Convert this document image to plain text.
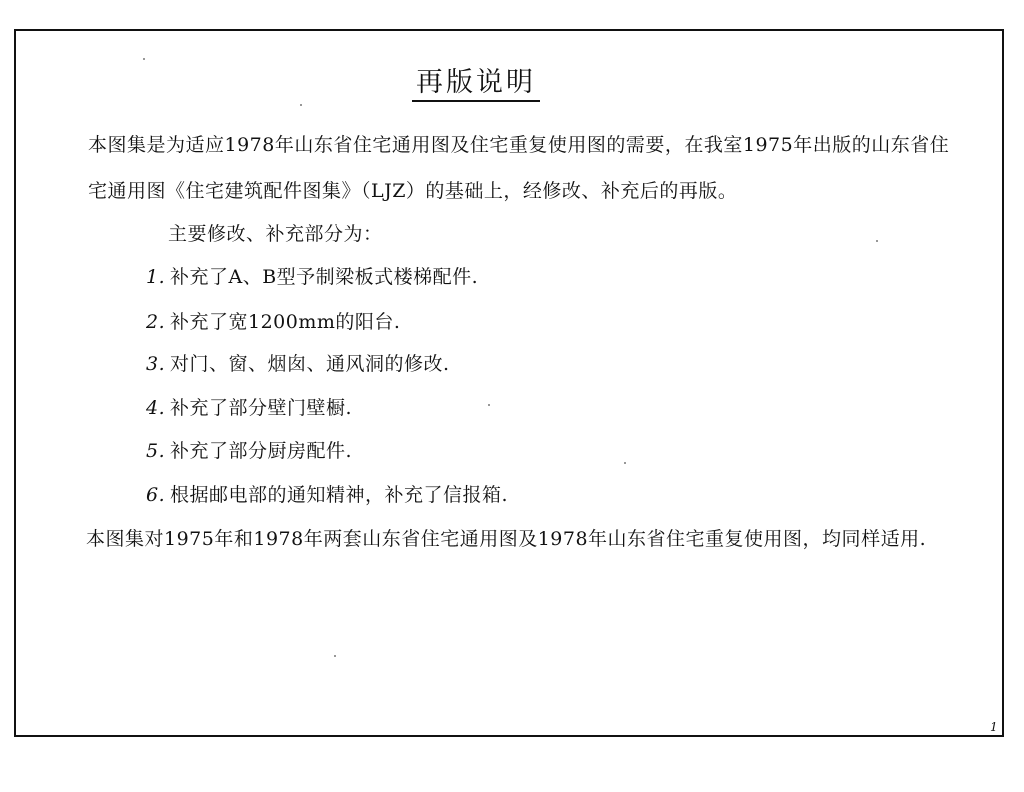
再版说明
本图集是为适应1978年山东省住宅通用图及住宅重复使用图的需要，在我室1975年出版的山东省住
宅通用图《住宅建筑配件图集》（LJZ）的基础上，经修改、补充后的再版。
主要修改、补充部分为：
1. 补充了A、B型予制梁板式楼梯配件.
2. 补充了宽1200mm的阳台.
3. 对门、窗、烟囱、通风洞的修改.
4. 补充了部分壁门壁橱.
5. 补充了部分厨房配件.
6. 根据邮电部的通知精神，补充了信报箱.
本图集对1975年和1978年两套山东省住宅通用图及1978年山东省住宅重复使用图，均同样适用.
1
